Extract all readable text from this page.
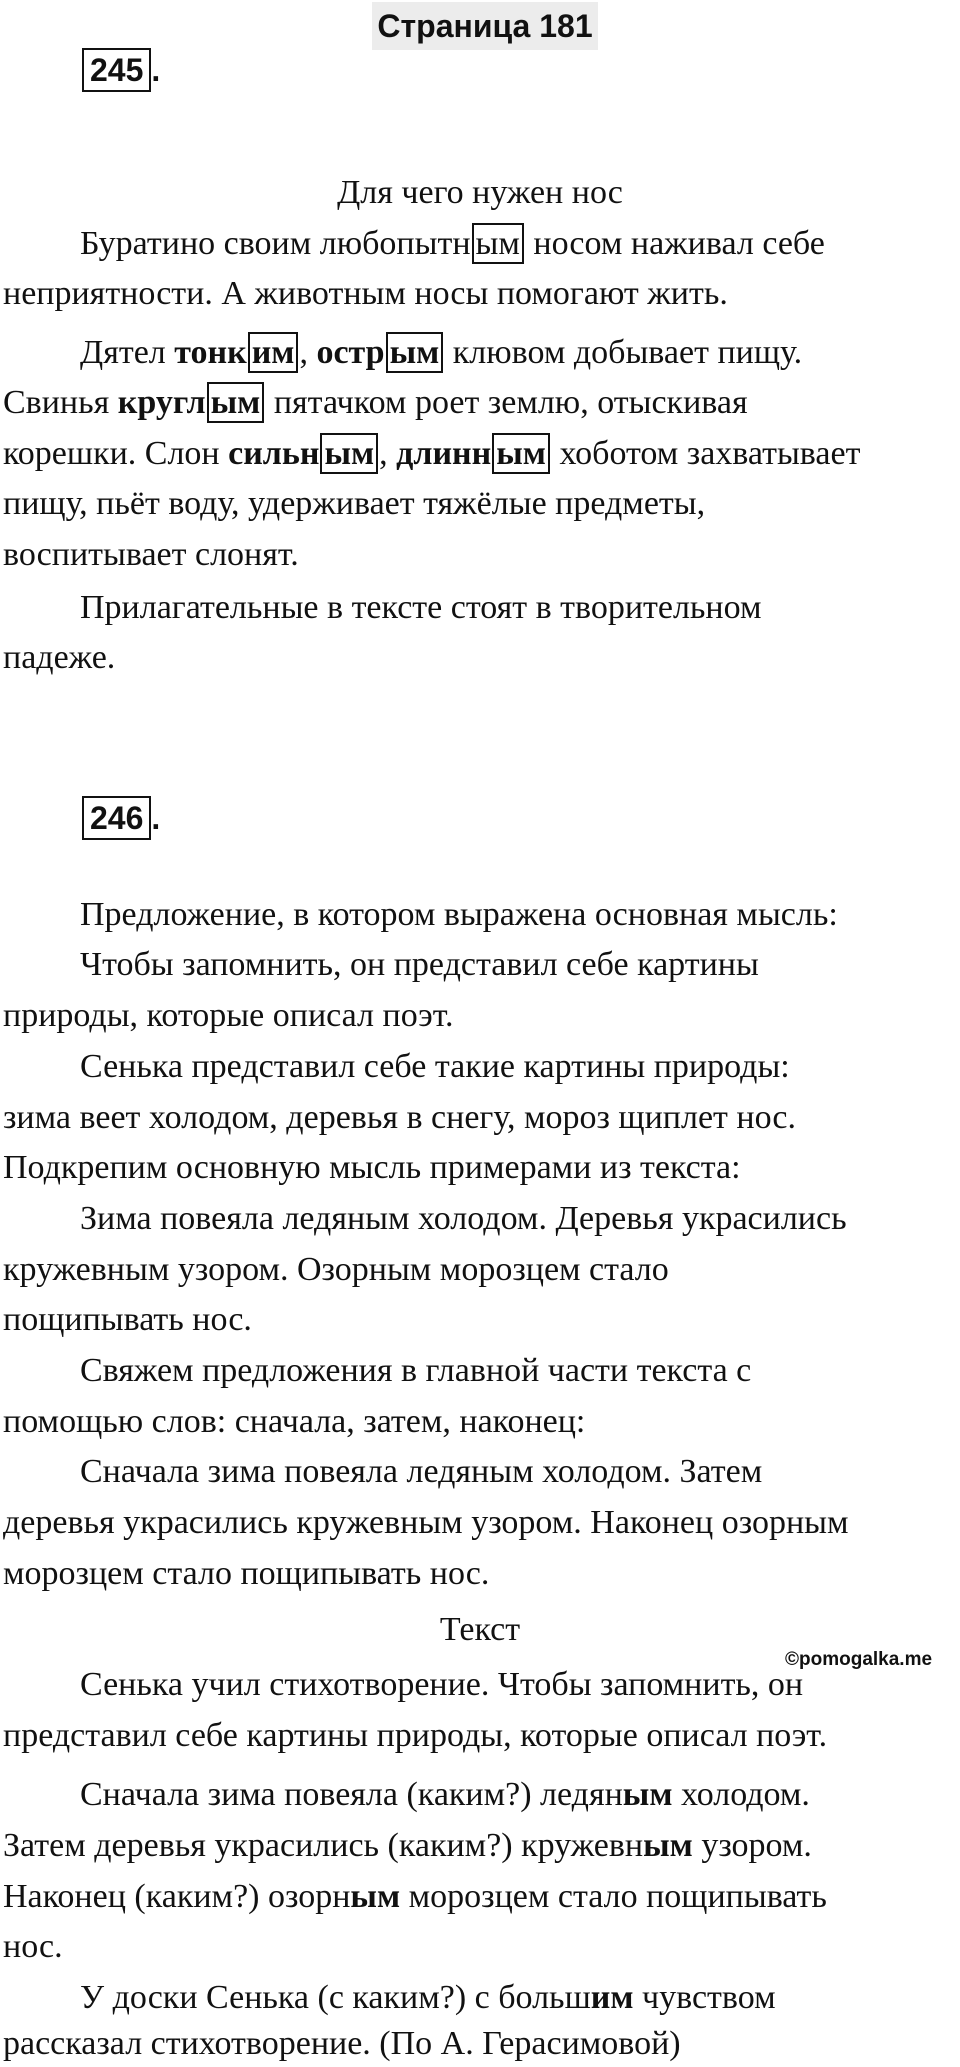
Страница 181
245 .
Для чего нужен нос
Буратино своим любопытн ым носом наживал себе
неприятности. А животным носы помогают жить.
Дятел тонк им , остр ым клювом добывает пищу.
Свинья кругл ым пятачком роет землю, отыскивая
корешки. Слон сильн ым , длинн ым хоботом захватывает
пищу, пьёт воду, удерживает тяжёлые предметы,
воспитывает слонят.
Прилагательные в тексте стоят в творительном
падеже.
246 .
Предложение, в котором выражена основная мысль:
Чтобы запомнить, он представил себе картины
природы, которые описал поэт.
Сенька представил себе такие картины природы:
зима веет холодом, деревья в снегу, мороз щиплет нос.
Подкрепим основную мысль примерами из текста:
Зима повеяла ледяным холодом. Деревья украсились
кружевным узором. Озорным морозцем стало
пощипывать нос.
Свяжем предложения в главной части текста с
помощью слов: сначала, затем, наконец:
Сначала зима повеяла ледяным холодом. Затем
деревья украсились кружевным узором. Наконец озорным
морозцем стало пощипывать нос.
Текст
Сенька учил стихотворение. Чтобы запомнить, он
представил себе картины природы, которые описал поэт.
Сначала зима повеяла (каким?) ледяным холодом.
Затем деревья украсились (каким?) кружевным узором.
Наконец (каким?) озорным морозцем стало пощипывать
нос.
У доски Сенька (с каким?) с большим чувством
рассказал стихотворение. (По А. Герасимовой)
©pomogalka.me
